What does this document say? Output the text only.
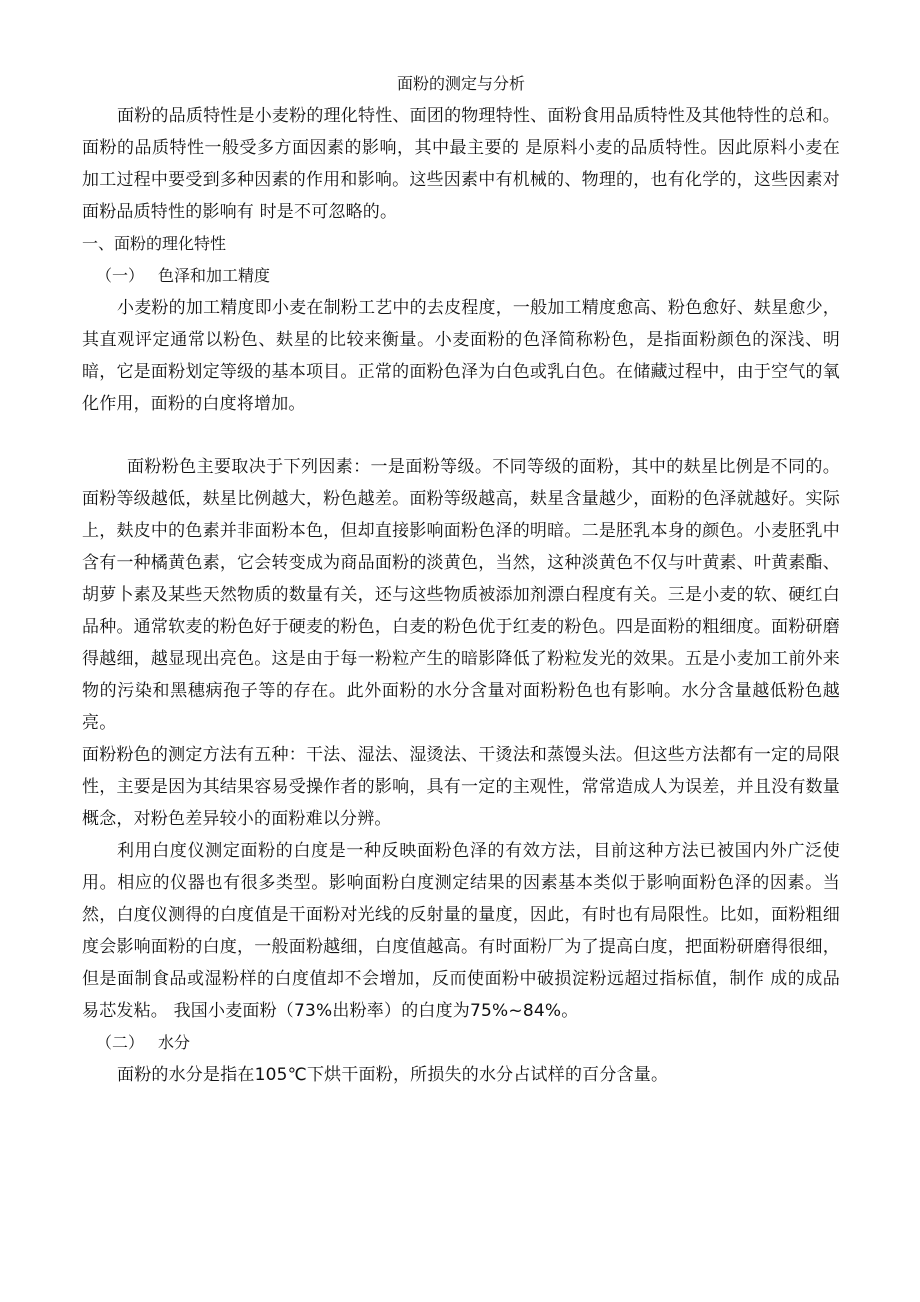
面粉的测定与分析

面粉的品质特性是小麦粉的理化特性、面团的物理特性、面粉食用品质特性及其他特性的总和。面粉的品质特性一般受多方面因素的影响，其中最主要的 是原料小麦的品质特性。因此原料小麦在加工过程中要受到多种因素的作用和影响。这些因素中有机械的、物理的，也有化学的，这些因素对面粉品质特性的影响有 时是不可忽略的。

一、面粉的理化特性

（一） 色泽和加工精度

小麦粉的加工精度即小麦在制粉工艺中的去皮程度，一般加工精度愈高、粉色愈好、麸星愈少，其直观评定通常以粉色、麸星的比较来衡量。小麦面粉的色泽简称粉色，是指面粉颜色的深浅、明暗，它是面粉划定等级的基本项目。正常的面粉色泽为白色或乳白色。在储藏过程中，由于空气的氧化作用，面粉的白度将增加。

面粉粉色主要取决于下列因素：一是面粉等级。不同等级的面粉，其中的麸星比例是不同的。面粉等级越低，麸星比例越大，粉色越差。面粉等级越高，麸星含量越少，面粉的色泽就越好。实际上，麸皮中的色素并非面粉本色，但却直接影响面粉色泽的明暗。二是胚乳本身的颜色。小麦胚乳中含有一种橘黄色素，它会转变成为商品面粉的淡黄色，当然，这种淡黄色不仅与叶黄素、叶黄素酯、胡萝卜素及某些天然物质的数量有关，还与这些物质被添加剂漂白程度有关。三是小麦的软、硬红白品种。通常软麦的粉色好于硬麦的粉色，白麦的粉色优于红麦的粉色。四是面粉的粗细度。面粉研磨得越细，越显现出亮色。这是由于每一粉粒产生的暗影降低了粉粒发光的效果。五是小麦加工前外来物的污染和黑穗病孢子等的存在。此外面粉的水分含量对面粉粉色也有影响。水分含量越低粉色越亮。

面粉粉色的测定方法有五种：干法、湿法、湿烫法、干烫法和蒸馒头法。但这些方法都有一定的局限性，主要是因为其结果容易受操作者的影响，具有一定的主观性，常常造成人为误差，并且没有数量概念，对粉色差异较小的面粉难以分辨。

利用白度仪测定面粉的白度是一种反映面粉色泽的有效方法，目前这种方法已被国内外广泛使用。相应的仪器也有很多类型。影响面粉白度测定结果的因素基本类似于影响面粉色泽的因素。当然，白度仪测得的白度值是干面粉对光线的反射量的量度，因此，有时也有局限性。比如，面粉粗细度会影响面粉的白度，一般面粉越细，白度值越高。有时面粉厂为了提高白度，把面粉研磨得很细，但是面制食品或湿粉样的白度值却不会增加，反而使面粉中破损淀粉远超过指标值，制作 成的成品易芯发粘。 我国小麦面粉（73%出粉率）的白度为75%~84%。

（二） 水分

面粉的水分是指在105℃下烘干面粉，所损失的水分占试样的百分含量。
